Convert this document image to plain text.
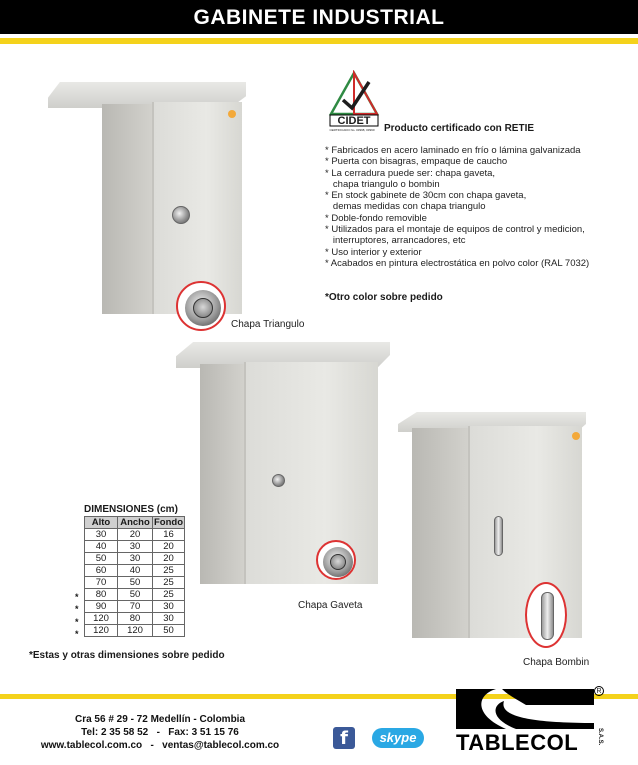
GABINETE INDUSTRIAL
Chapa Triangulo
CIDET
CERTIFICADO No. 03998, 03990 Producto certificado con RETIE
* Fabricados en acero laminado en frío o lámina galvanizada
* Puerta con bisagras, empaque de caucho
* La cerradura puede ser: chapa gaveta,
chapa triangulo o bombin
* En stock gabinete de 30cm con chapa gaveta,
demas medidas con chapa triangulo
* Doble-fondo removible
* Utilizados para el montaje de equipos de control y medicion,
interruptores, arrancadores, etc
* Uso interior y exterior
* Acabados en pintura electrostática en polvo color (RAL 7032)
*Otro color sobre pedido
Chapa Gaveta
Chapa Bombin
DIMENSIONES (cm)
Alto	Ancho	Fondo
30	20	16
40	30	20
50	30	20
60	40	25
70	50	25
80	50	25
90	70	30
120	80	30
120	120	50
*
*
*
*
*Estas y otras dimensiones sobre pedido
Cra 56 # 29 - 72 Medellín - Colombia
Tel: 2 35 58 52   -   Fax: 3 51 15 76
www.tablecol.com.co   -   ventas@tablecol.com.co	f	skype
R
TABLECOL	S.A.S.
